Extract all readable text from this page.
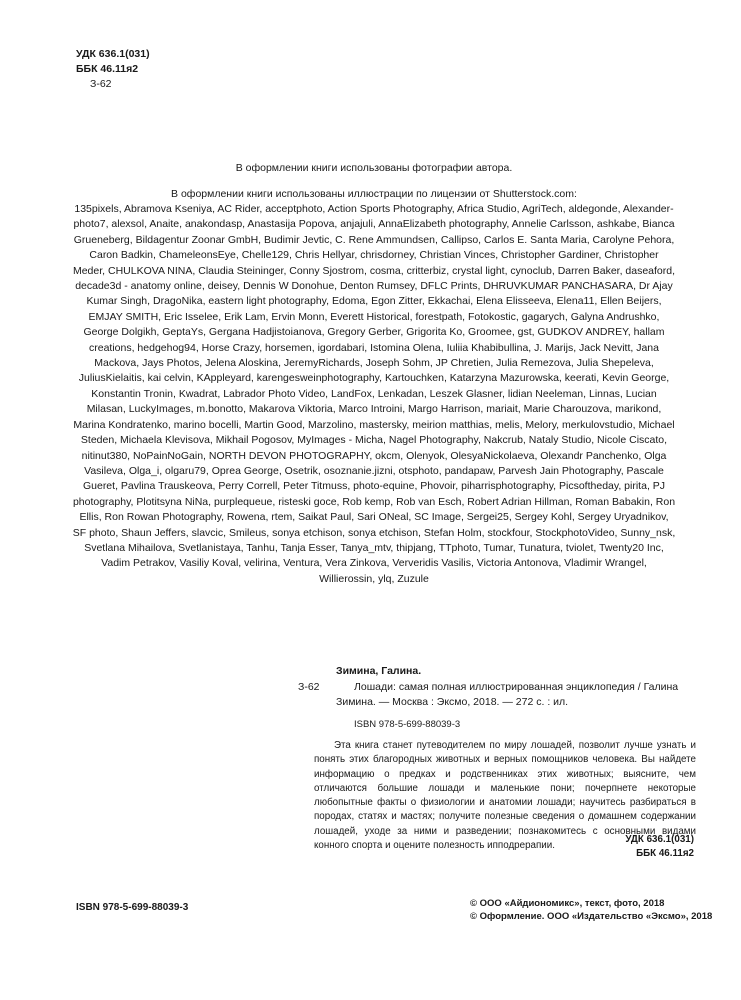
УДК 636.1(031)
ББК 46.11я2
З-62
В оформлении книги использованы фотографии автора.
В оформлении книги использованы иллюстрации по лицензии от Shutterstock.com:
135pixels, Abramova Kseniya, AC Rider, acceptphoto, Action Sports Photography, Africa Studio, AgriTech, aldegonde, Alexander-photo7, alexsol, Anaite, anakondasp, Anastasija Popova, anjajuli, AnnaElizabeth photography, Annelie Carlsson, ashkabe, Bianca Grueneberg, Bildagentur Zoonar GmbH, Budimir Jevtic, C. Rene Ammundsen, Callipso, Carlos E. Santa Maria, Carolyne Pehora, Caron Badkin, ChameleonsEye, Chelle129, Chris Hellyar, chrisdorney, Christian Vinces, Christopher Gardiner, Christopher Meder, CHULKOVA NINA, Claudia Steininger, Conny Sjostrom, cosma, critterbiz, crystal light, cynoclub, Darren Baker, daseaford, decade3d - anatomy online, deisey, Dennis W Donohue, Denton Rumsey, DFLC Prints, DHRUVKUMAR PANCHASARA, Dr Ajay Kumar Singh, DragoNika, eastern light photography, Edoma, Egon Zitter, Ekkachai, Elena Elisseeva, Elena11, Ellen Beijers, EMJAY SMITH, Eric Isselee, Erik Lam, Ervin Monn, Everett Historical, forestpath, Fotokostic, gagarych, Galyna Andrushko, George Dolgikh, GeptaYs, Gergana Hadjistoianova, Gregory Gerber, Grigorita Ko, Groomee, gst, GUDKOV ANDREY, hallam creations, hedgehog94, Horse Crazy, horsemen, igordabari, Istomina Olena, Iuliia Khabibullina, J. Marijs, Jack Nevitt, Jana Mackova, Jays Photos, Jelena Aloskina, JeremyRichards, Joseph Sohm, JP Chretien, Julia Remezova, Julia Shepeleva, JuliusKielaitis, kai celvin, KAppleyard, karengesweinphotography, Kartouchken, Katarzyna Mazurowska, keerati, Kevin George, Konstantin Tronin, Kwadrat, Labrador Photo Video, LandFox, Lenkadan, Leszek Glasner, lidian Neeleman, Linnas, Lucian Milasan, LuckyImages, m.bonotto, Makarova Viktoria, Marco Introini, Margo Harrison, mariait, Marie Charouzova, marikond, Marina Kondratenko, marino bocelli, Martin Good, Marzolino, mastersky, meirion matthias, melis, Melory, merkulovstudio, Michael Steden, Michaela Klevisova, Mikhail Pogosov, MyImages - Micha, Nagel Photography, Nakcrub, Nataly Studio, Nicole Ciscato, nitinut380, NoPainNoGain, NORTH DEVON PHOTOGRAPHY, okcm, Olenyok, OlesyaNickolaeva, Olexandr Panchenko, Olga Vasileva, Olga_i, olgaru79, Oprea George, Osetrik, osoznanie.jizni, otsphoto, pandapaw, Parvesh Jain Photography, Pascale Gueret, Pavlina Trauskeova, Perry Correll, Peter Titmuss, photo-equine, Phovoir, piharrisphotography, Picsoftheday, pirita, PJ photography, Plotitsyna NiNa, purplequeue, risteski goce, Rob kemp, Rob van Esch, Robert Adrian Hillman, Roman Babakin, Ron Ellis, Ron Rowan Photography, Rowena, rtem, Saikat Paul, Sari ONeal, SC Image, Sergei25, Sergey Kohl, Sergey Uryadnikov, SF photo, Shaun Jeffers, slavcic, Smileus, sonya etchison, sonya etchison, Stefan Holm, stockfour, StockphotoVideo, Sunny_nsk, Svetlana Mihailova, Svetlanistaya, Tanhu, Tanja Esser, Tanya_mtv, thipjang, TTphoto, Tumar, Tunatura, tviolet, Twenty20 Inc, Vadim Petrakov, Vasiliy Koval, velirina, Ventura, Vera Zinkova, Ververidis Vasilis, Victoria Antonova, Vladimir Wrangel, Willierossin, ylq, Zuzule
Зимина, Галина.
З-62	Лошади: самая полная иллюстрированная энциклопедия / Галина Зимина. — Москва : Эксмо, 2018. — 272 с. : ил.
ISBN 978-5-699-88039-3
Эта книга станет путеводителем по миру лошадей, позволит лучше узнать и понять этих благородных животных и верных помощников человека. Вы найдете информацию о предках и родственниках этих животных; выясните, чем отличаются большие лошади и маленькие пони; почерпнете некоторые любопытные факты о физиологии и анатомии лошади; научитесь разбираться в породах, статях и мастях; получите полезные сведения о домашнем содержании лошадей, уходе за ними и разведении; познакомитесь с основными видами конного спорта и оцените полезность ипподрерапии.
УДК 636.1(031)
ББК 46.11я2
ISBN 978-5-699-88039-3	© ООО «Айдиономикс», текст, фото, 2018
© Оформление. ООО «Издательство «Эксмо», 2018
